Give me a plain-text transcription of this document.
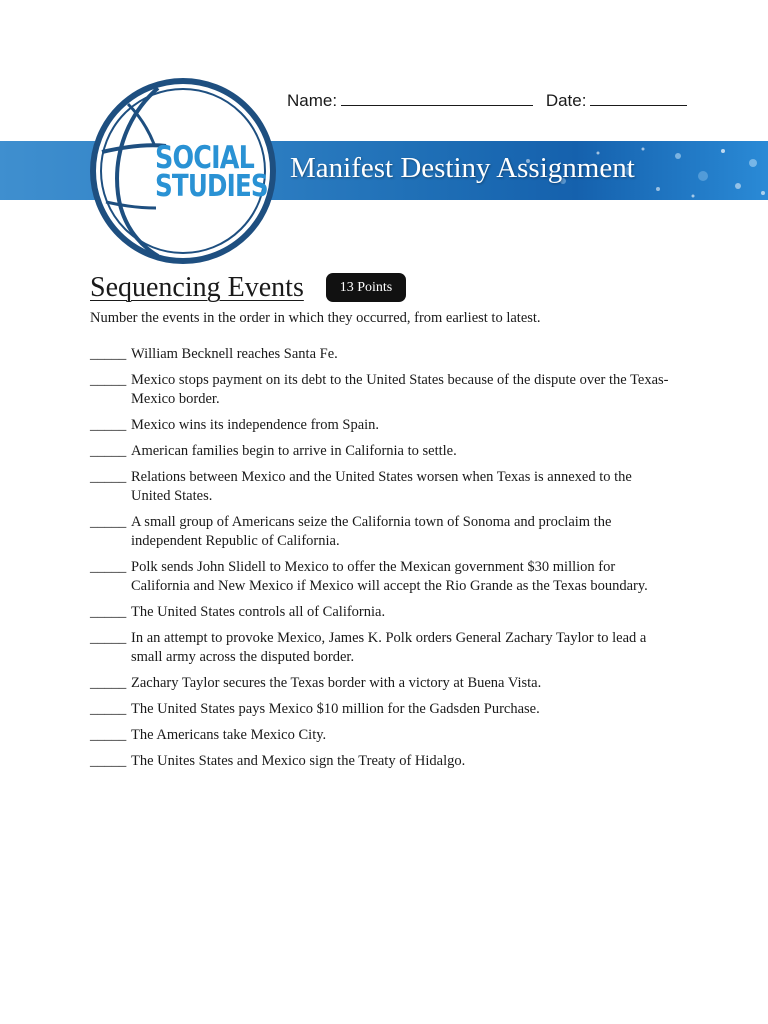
Manifest Destiny Assignment
SOCIAL
STUDIES
Name:	Date:
Sequencing Events	13 Points
Number the events in the order in which they occurred, from earliest to latest.
_____ William Becknell reaches Santa Fe.
_____ Mexico stops payment on its debt to the United States because of the dispute over the Texas-Mexico border.
_____ Mexico wins its independence from Spain.
_____ American families begin to arrive in California to settle.
_____ Relations between Mexico and the United States worsen when Texas is annexed to the United States.
_____ A small group of Americans seize the California town of Sonoma and proclaim the independent Republic of California.
_____ Polk sends John Slidell to Mexico to offer the Mexican government $30 million for California and New Mexico if Mexico will accept the Rio Grande as the Texas boundary.
_____ The United States controls all of California.
_____ In an attempt to provoke Mexico, James K. Polk orders General Zachary Taylor to lead a small army across the disputed border.
_____ Zachary Taylor secures the Texas border with a victory at Buena Vista.
_____ The United States pays Mexico $10 million for the Gadsden Purchase.
_____ The Americans take Mexico City.
_____ The Unites States and Mexico sign the Treaty of Hidalgo.
